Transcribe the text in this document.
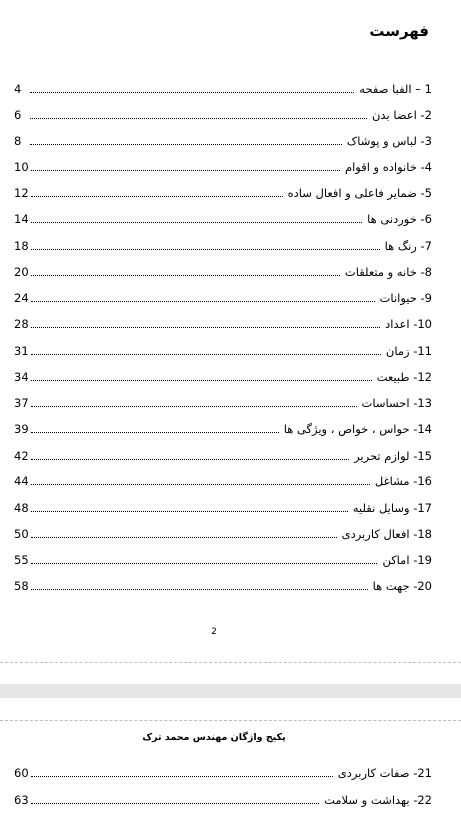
فهرست
1 – الفبا صفحه
4
2- اعضا بدن
6
3- لباس و پوشاک
8
4- خانواده و اقوام
10
5- ضمایر فاعلی و افعال ساده
12
6- خوردنی ها
14
7- رنگ ها
18
8- خانه و متعلقات
20
9- حیوانات
24
10- اعداد
28
11- زمان
31
12- طبیعت
34
13- احساسات
37
14- حواس ، خواص ، ویژگی ها
39
15- لوازم تحریر
42
16- مشاغل
44
17- وسایل نقلیه
48
18- افعال کاربردی
50
19- اماکن
55
20- جهت ها
58
2
پکیج واژگان مهندس محمد ترک
21- صفات کاربردی
60
22- بهداشت و سلامت
63
